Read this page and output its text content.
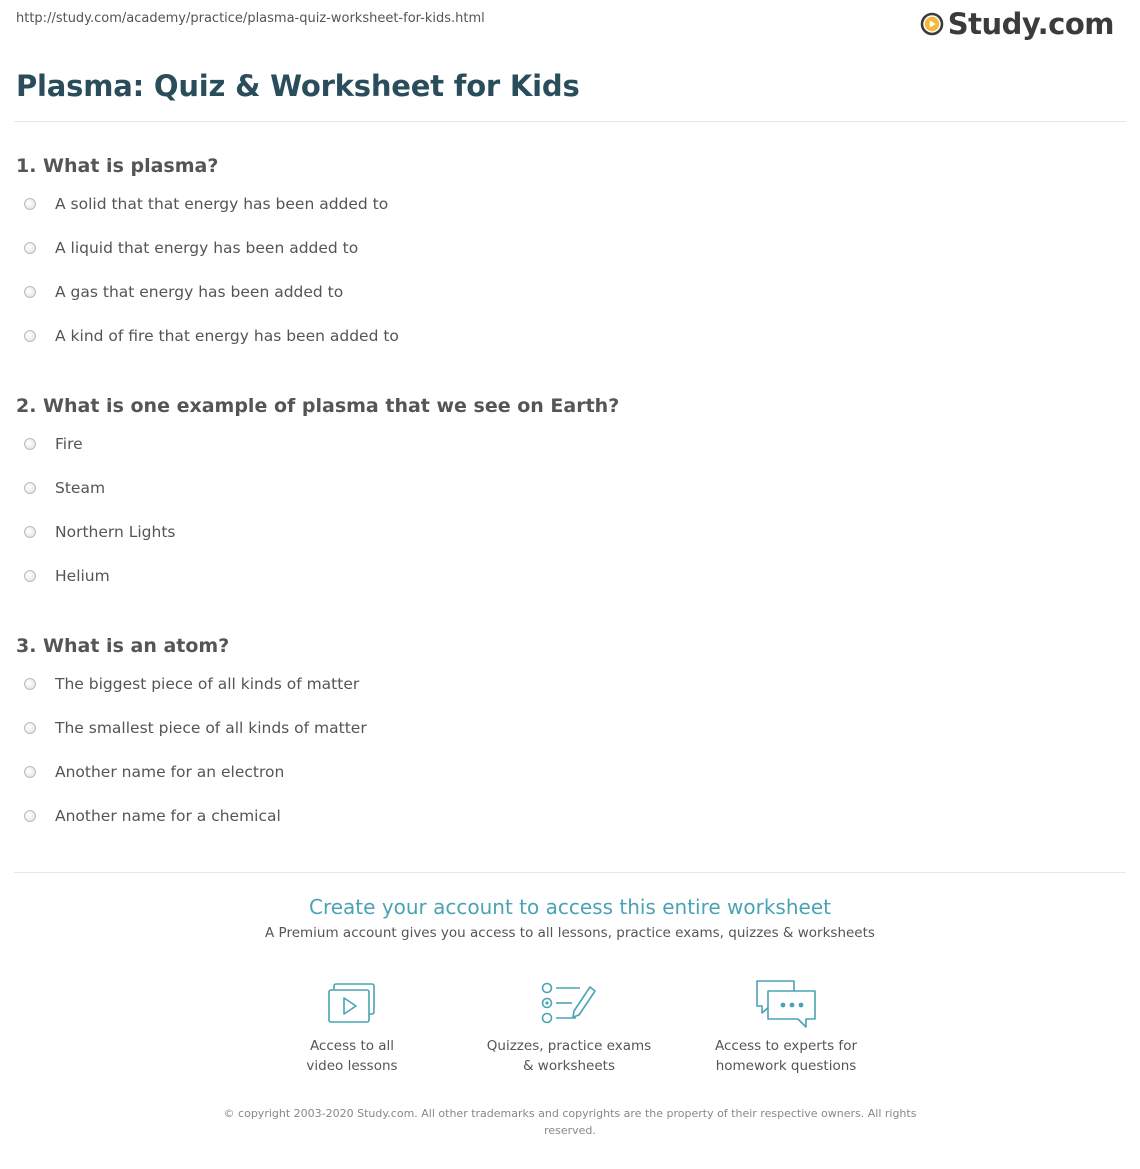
http://study.com/academy/practice/plasma-quiz-worksheet-for-kids.html	Study.com
Plasma: Quiz & Worksheet for Kids
1. What is plasma?
A solid that that energy has been added to
A liquid that energy has been added to
A gas that energy has been added to
A kind of fire that energy has been added to
2. What is one example of plasma that we see on Earth?
Fire
Steam
Northern Lights
Helium
3. What is an atom?
The biggest piece of all kinds of matter
The smallest piece of all kinds of matter
Another name for an electron
Another name for a chemical
Create your account to access this entire worksheet
A Premium account gives you access to all lessons, practice exams, quizzes & worksheets
Access to all
video lessons
Quizzes, practice exams
& worksheets
Access to experts for
homework questions
© copyright 2003-2020 Study.com. All other trademarks and copyrights are the property of their respective owners. All rights
reserved.
